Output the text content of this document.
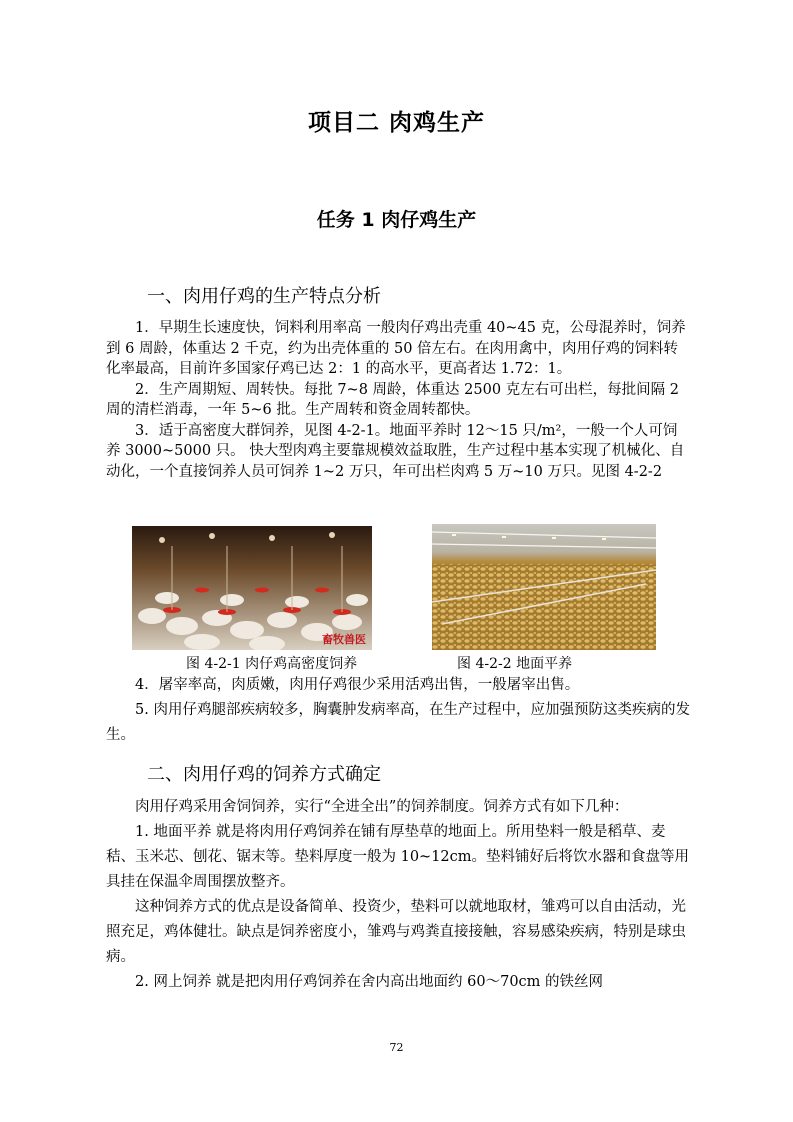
项目二 肉鸡生产
任务 1 肉仔鸡生产
一、肉用仔鸡的生产特点分析

1．早期生长速度快，饲料利用率高 一般肉仔鸡出壳重 40~45 克，公母混养时，饲养到 6 周龄，体重达 2 千克，约为出壳体重的 50 倍左右。在肉用禽中，肉用仔鸡的饲料转化率最高，目前许多国家仔鸡已达 2：1 的高水平，更高者达 1.72：1。

2．生产周期短、周转快。每批 7~8 周龄，体重达 2500 克左右可出栏，每批间隔 2 周的清栏消毒，一年 5~6 批。生产周转和资金周转都快。

3．适于高密度大群饲养，见图 4-2-1。地面平养时 12～15 只/m²，一般一个人可饲养 3000~5000 只。 快大型肉鸡主要靠规模效益取胜，生产过程中基本实现了机械化、自动化，一个直接饲养人员可饲养 1~2 万只，年可出栏肉鸡 5 万~10 万只。见图 4-2-2

畜牧兽医
图 4-2-1 肉仔鸡高密度饲养	图 4-2-2 地面平养

4．屠宰率高，肉质嫩，肉用仔鸡很少采用活鸡出售，一般屠宰出售。

5. 肉用仔鸡腿部疾病较多，胸囊肿发病率高，在生产过程中，应加强预防这类疾病的发生。

二、肉用仔鸡的饲养方式确定

肉用仔鸡采用舍饲饲养，实行“全进全出”的饲养制度。饲养方式有如下几种：

1. 地面平养 就是将肉用仔鸡饲养在铺有厚垫草的地面上。所用垫料一般是稻草、麦秸、玉米芯、刨花、锯末等。垫料厚度一般为 10~12cm。垫料铺好后将饮水器和食盘等用具挂在保温伞周围摆放整齐。

这种饲养方式的优点是设备简单、投资少，垫料可以就地取材，雏鸡可以自由活动，光照充足，鸡体健壮。缺点是饲养密度小，雏鸡与鸡粪直接接触，容易感染疾病，特别是球虫病。

2. 网上饲养 就是把肉用仔鸡饲养在舍内高出地面约 60～70cm 的铁丝网

72
